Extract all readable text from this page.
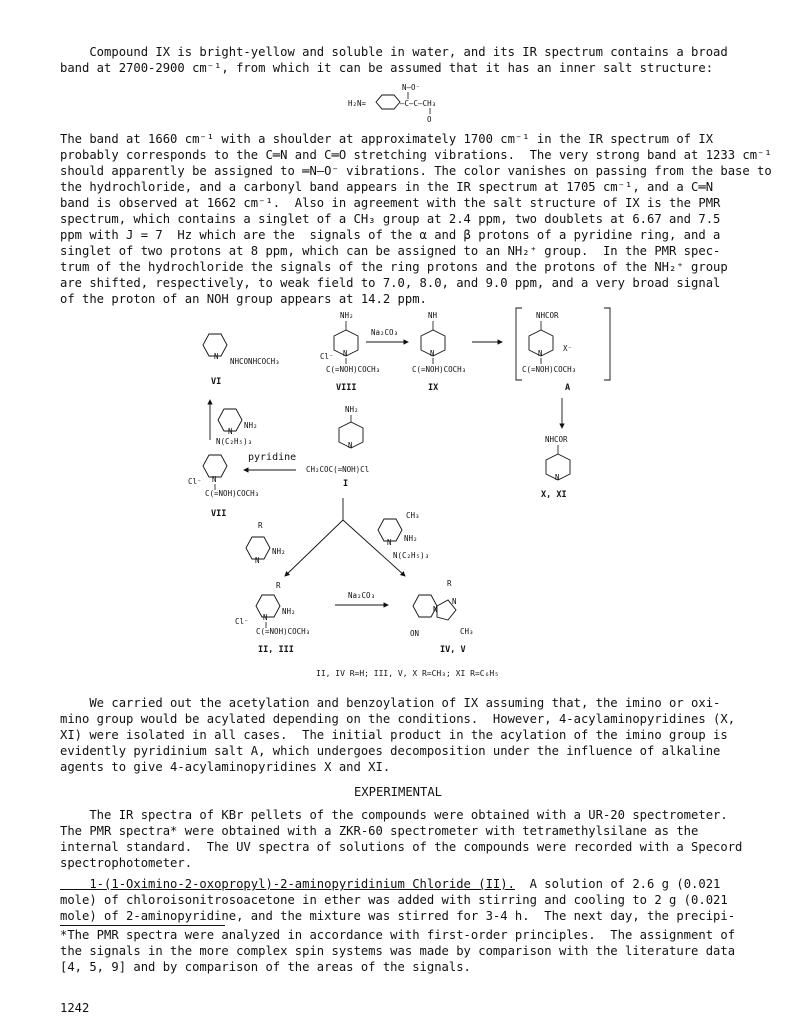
Compound IX is bright-yellow and soluble in water, and its IR spectrum contains a broad
band at 2700-2900 cm⁻¹, from which it can be assumed that it has an inner salt structure:
N–O⁻
H₂N=	–C–C–CH₃
O
The band at 1660 cm⁻¹ with a shoulder at approximately 1700 cm⁻¹ in the IR spectrum of IX
probably corresponds to the C═N and C═O stretching vibrations.  The very strong band at 1233 cm⁻¹
should apparently be assigned to ═N–O⁻ vibrations. The color vanishes on passing from the base to
the hydrochloride, and a carbonyl band appears in the IR spectrum at 1705 cm⁻¹, and a C═N
band is observed at 1662 cm⁻¹.  Also in agreement with the salt structure of IX is the PMR
spectrum, which contains a singlet of a CH₃ group at 2.4 ppm, two doublets at 6.67 and 7.5
ppm with J = 7  Hz which are the  signals of the α and β protons of a pyridine ring, and a
singlet of two protons at 8 ppm, which can be assigned to an NH₂⁺ group.  In the PMR spec-
trum of the hydrochloride the signals of the ring protons and the protons of the NH₂⁺ group
are shifted, respectively, to weak field to 7.0, 8.0, and 9.0 ppm, and a very broad signal
of the proton of an NOH group appears at 14.2 ppm.
N
NHCONHCOCH₃
VI
NH₂
N
Cl⁻
C(=NOH)COCH₃
VIII
Na₂CO₃
NH
N
C(=NOH)COCH₃
IX
NHCOR
N
X⁻
C(=NOH)COCH₃
A
NHCOR
N
X, XI
N
NH₂
N(C₂H₅)₃
NH₂
N
CH₂COC(=NOH)Cl
I
pyridine
N
Cl⁻
C(=NOH)COCH₃
VII
R
N
NH₂
CH₃
N NH₂
N(C₂H₅)₃
R
N
NH₂
Cl⁻
C(=NOH)COCH₃
II, III
Na₂CO₃
R
N
N
ON	CH₃
IV, V
II, IV R=H; III, V, X R=CH₃; XI R=C₆H₅
We carried out the acetylation and benzoylation of IX assuming that, the imino or oxi-
mino group would be acylated depending on the conditions.  However, 4-acylaminopyridines (X,
XI) were isolated in all cases.  The initial product in the acylation of the imino group is
evidently pyridinium salt A, which undergoes decomposition under the influence of alkaline
agents to give 4-acylaminopyridines X and XI.
EXPERIMENTAL
The IR spectra of KBr pellets of the compounds were obtained with a UR-20 spectrometer.
The PMR spectra* were obtained with a ZKR-60 spectrometer with tetramethylsilane as the
internal standard.  The UV spectra of solutions of the compounds were recorded with a Specord
spectrophotometer.
1-(1-Oximino-2-oxopropyl)-2-aminopyridinium Chloride (II).  A solution of 2.6 g (0.021
mole) of chloroisonitrosoacetone in ether was added with stirring and cooling to 2 g (0.021
mole) of 2-aminopyridine, and the mixture was stirred for 3-4 h.  The next day, the precipi-
*The PMR spectra were analyzed in accordance with first-order principles.  The assignment of
the signals in the more complex spin systems was made by comparison with the literature data
[4, 5, 9] and by comparison of the areas of the signals.
1242
